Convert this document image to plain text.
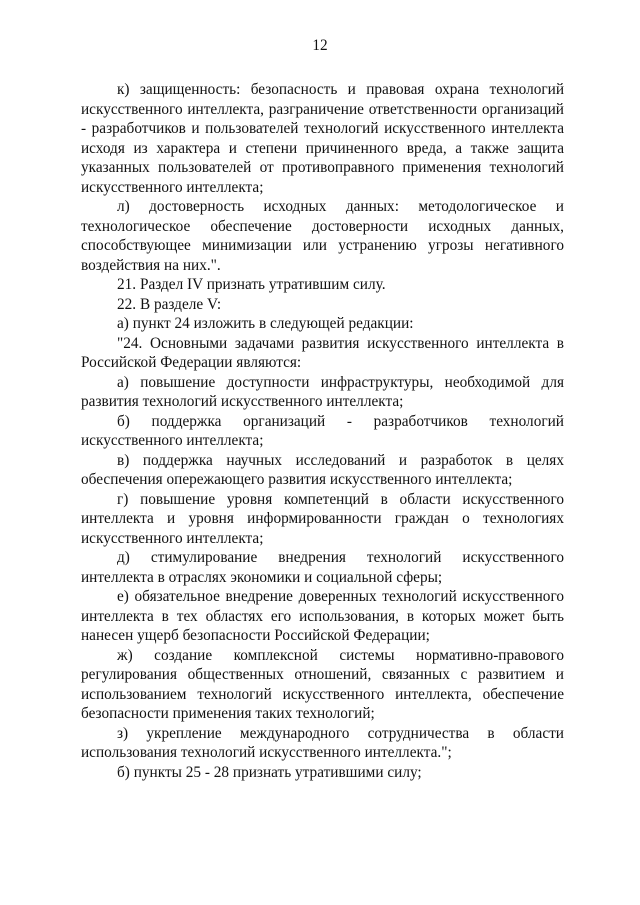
12

к) защищенность: безопасность и правовая охрана технологий искусственного интеллекта, разграничение ответственности организаций - разработчиков и пользователей технологий искусственного интеллекта исходя из характера и степени причиненного вреда, а также защита указанных пользователей от противоправного применения технологий искусственного интеллекта;

л) достоверность исходных данных: методологическое и технологическое обеспечение достоверности исходных данных, способствующее минимизации или устранению угрозы негативного воздействия на них.".

21. Раздел IV признать утратившим силу.

22. В разделе V:

а) пункт 24 изложить в следующей редакции:

"24. Основными задачами развития искусственного интеллекта в Российской Федерации являются:

а) повышение доступности инфраструктуры, необходимой для развития технологий искусственного интеллекта;

б) поддержка организаций - разработчиков технологий искусственного интеллекта;

в) поддержка научных исследований и разработок в целях обеспечения опережающего развития искусственного интеллекта;

г) повышение уровня компетенций в области искусственного интеллекта и уровня информированности граждан о технологиях искусственного интеллекта;

д) стимулирование внедрения технологий искусственного интеллекта в отраслях экономики и социальной сферы;

е) обязательное внедрение доверенных технологий искусственного интеллекта в тех областях его использования, в которых может быть нанесен ущерб безопасности Российской Федерации;

ж) создание комплексной системы нормативно-правового регулирования общественных отношений, связанных с развитием и использованием технологий искусственного интеллекта, обеспечение безопасности применения таких технологий;

з) укрепление международного сотрудничества в области использования технологий искусственного интеллекта.";

б) пункты 25 - 28 признать утратившими силу;
